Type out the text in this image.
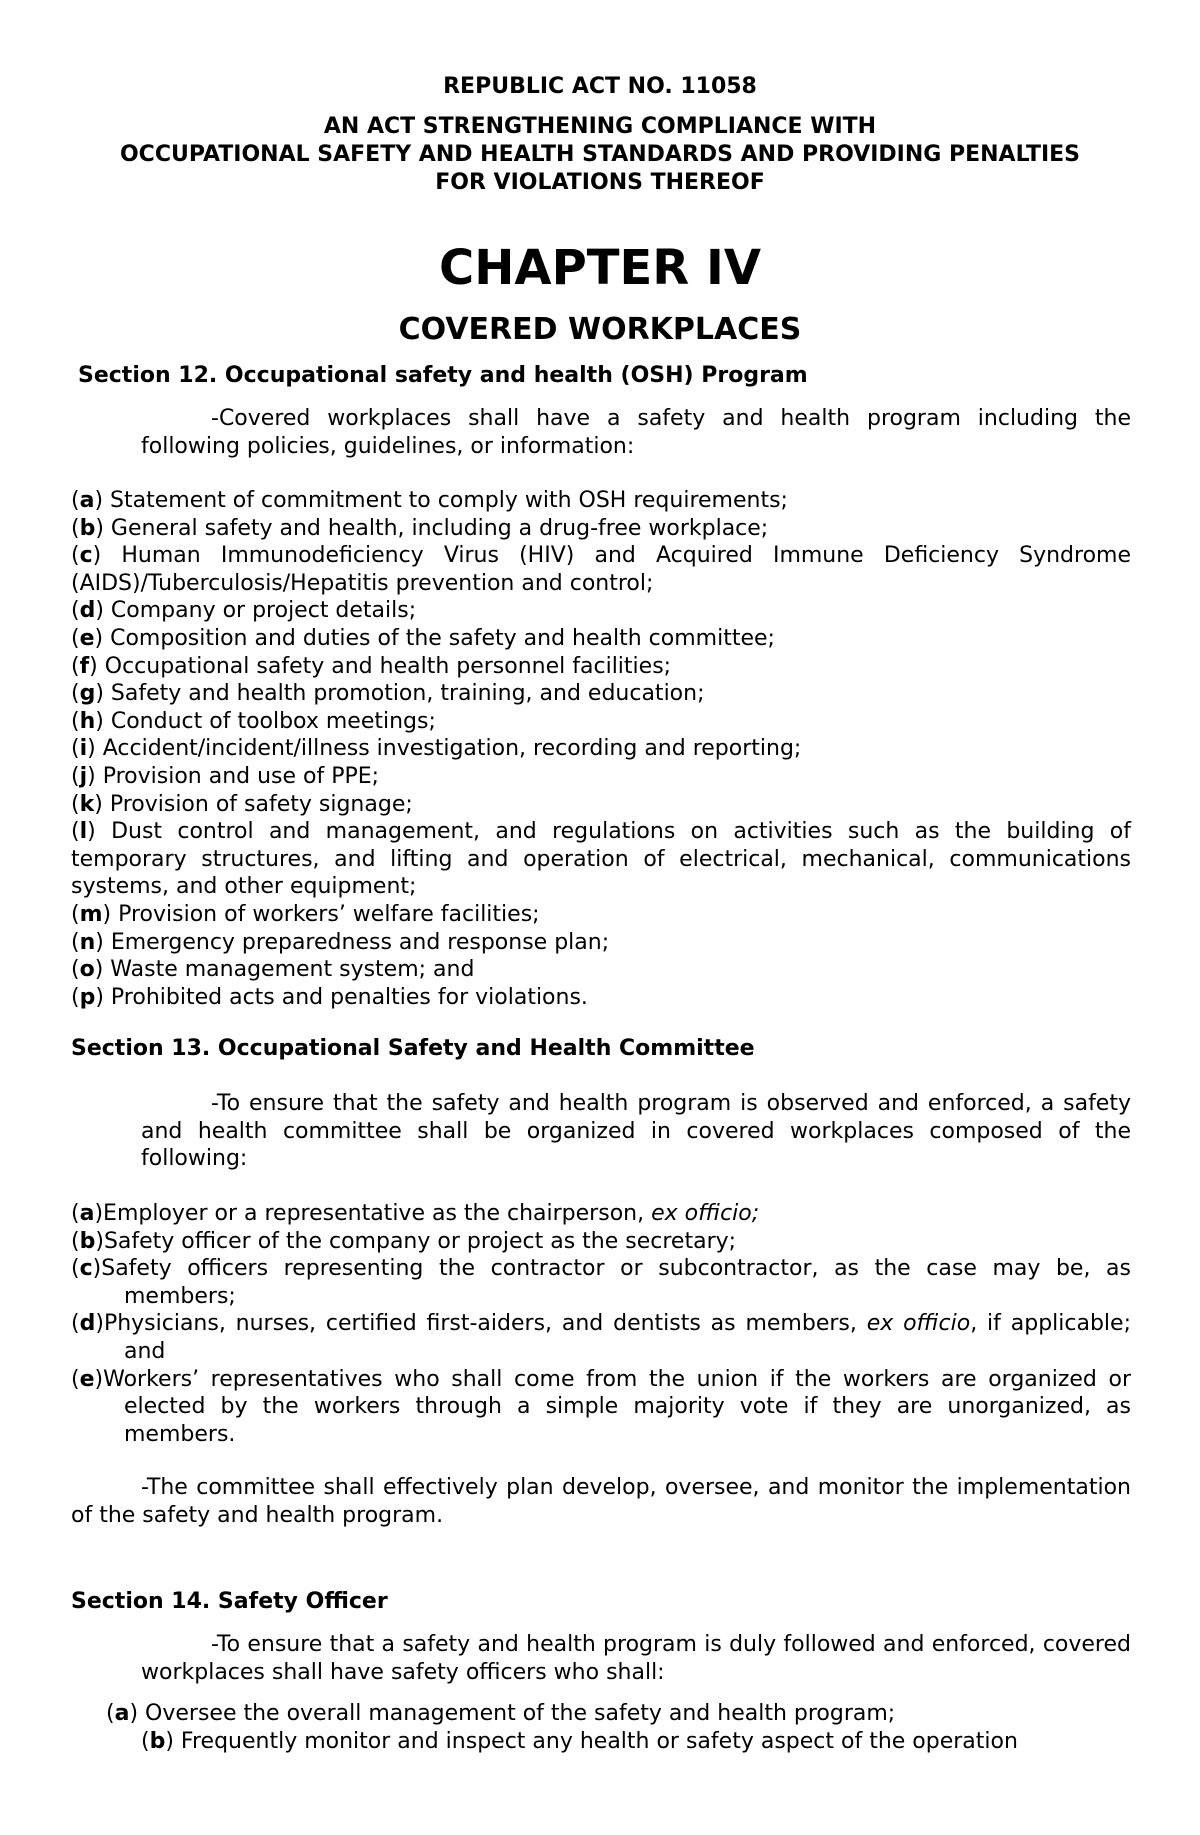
REPUBLIC ACT NO. 11058

AN ACT STRENGTHENING COMPLIANCE WITH
OCCUPATIONAL SAFETY AND HEALTH STANDARDS AND PROVIDING PENALTIES
FOR VIOLATIONS THEREOF

CHAPTER IV

COVERED WORKPLACES

Section 12. Occupational safety and health (OSH) Program

-Covered workplaces shall have a safety and health program including the following policies, guidelines, or information:

(a) Statement of commitment to comply with OSH requirements;
(b) General safety and health, including a drug-free workplace;
(c) Human Immunodeficiency Virus (HIV) and Acquired Immune Deficiency Syndrome (AIDS)/Tuberculosis/Hepatitis prevention and control;
(d) Company or project details;
(e) Composition and duties of the safety and health committee;
(f) Occupational safety and health personnel facilities;
(g) Safety and health promotion, training, and education;
(h) Conduct of toolbox meetings;
(i) Accident/incident/illness investigation, recording and reporting;
(j) Provision and use of PPE;
(k) Provision of safety signage;
(l) Dust control and management, and regulations on activities such as the building of temporary structures, and lifting and operation of electrical, mechanical, communications systems, and other equipment;
(m) Provision of workers’ welfare facilities;
(n) Emergency preparedness and response plan;
(o) Waste management system; and
(p) Prohibited acts and penalties for violations.

Section 13. Occupational Safety and Health Committee

-To ensure that the safety and health program is observed and enforced, a safety and health committee shall be organized in covered workplaces composed of the following:

(a)Employer or a representative as the chairperson, ex officio;
(b)Safety officer of the company or project as the secretary;
(c)Safety officers representing the contractor or subcontractor, as the case may be, as members;
(d)Physicians, nurses, certified first-aiders, and dentists as members, ex officio, if applicable; and
(e)Workers’ representatives who shall come from the union if the workers are organized or elected by the workers through a simple majority vote if they are unorganized, as members.

-The committee shall effectively plan develop, oversee, and monitor the implementation of the safety and health program.

Section 14. Safety Officer

-To ensure that a safety and health program is duly followed and enforced, covered workplaces shall have safety officers who shall:

(a) Oversee the overall management of the safety and health program;
(b) Frequently monitor and inspect any health or safety aspect of the operation
